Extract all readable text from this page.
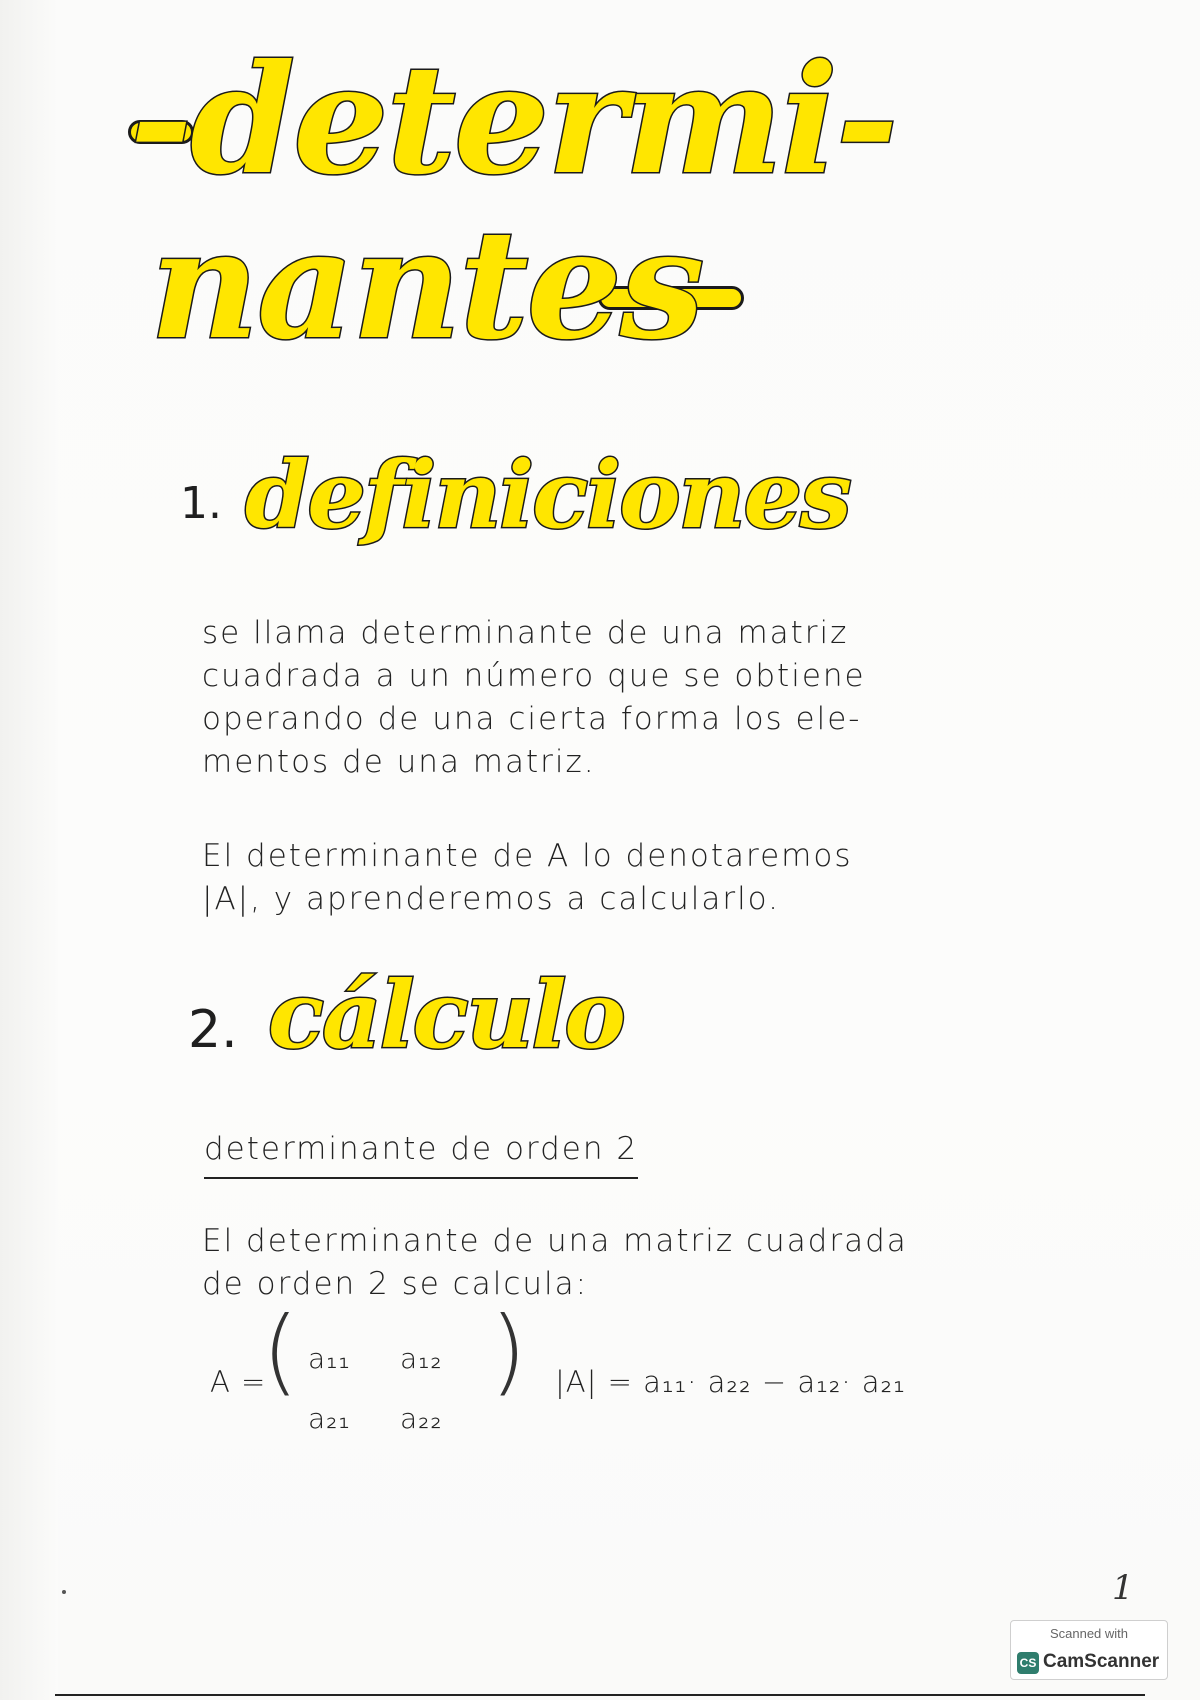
-determi-
nantes
1. definiciones
se llama determinante de una matriz
cuadrada a un número que se obtiene
operando de una cierta forma los ele-
mentos de una matriz.
El determinante de A lo denotaremos
|A|, y aprenderemos a calcularlo.
2. cálculo

determinante de orden 2

El determinante de una matriz cuadrada
de orden 2 se calcula:
A =
( a₁₁ a₁₂
a₂₁ a₂₂
) |A| = a₁₁· a₂₂ − a₁₂· a₂₁
1
Scanned with
CS CamScanner
